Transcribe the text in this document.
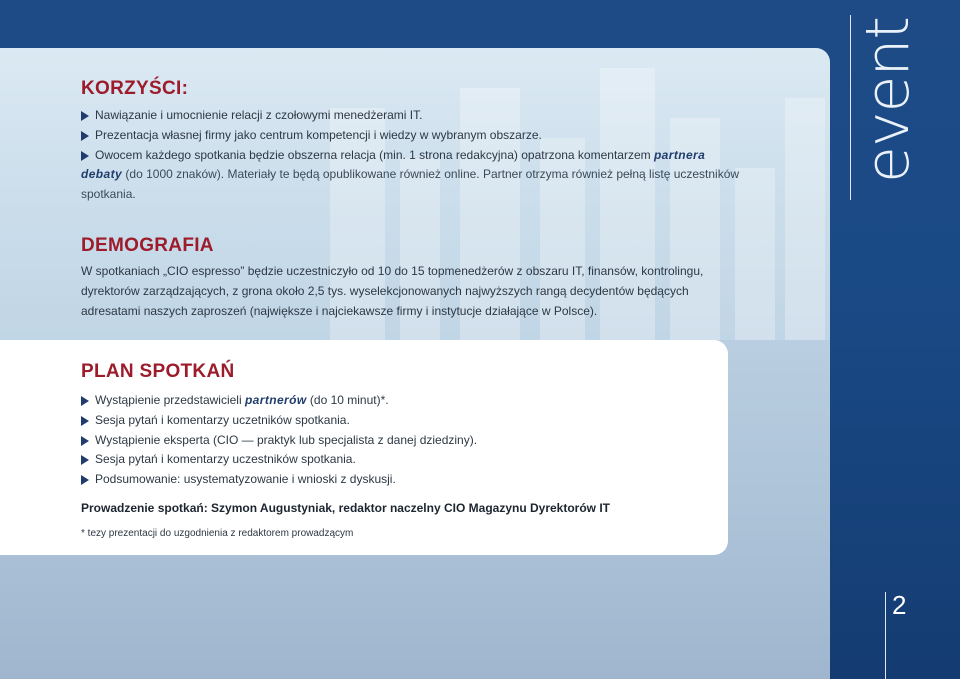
KORZYŚCI:
Nawiązanie i umocnienie relacji z czołowymi menedżerami IT.
Prezentacja własnej firmy jako centrum kompetencji i wiedzy w wybranym obszarze.
Owocem każdego spotkania będzie obszerna relacja (min. 1 strona redakcyjna) opatrzona komentarzem partnera debaty (do 1000 znaków). Materiały te będą opublikowane również online. Partner otrzyma również pełną listę uczestników spotkania.
DEMOGRAFIA

W spotkaniach „CIO espresso” będzie uczestniczyło od 10 do 15 topmenedżerów z obszaru IT, finansów, kontrolingu, dyrektorów zarządzających, z grona około 2,5 tys. wyselekcjonowanych najwyższych rangą decydentów będących adresatami naszych zaproszeń (największe i najciekawsze firmy i instytucje działające w Polsce).

PLAN SPOTKAŃ
Wystąpienie przedstawicieli partnerów (do 10 minut)*.
Sesja pytań i komentarzy uczetników spotkania.
Wystąpienie eksperta (CIO — praktyk lub specjalista z danej dziedziny).
Sesja pytań i komentarzy uczestników spotkania.
Podsumowanie: usystematyzowanie i wnioski z dyskusji.
Prowadzenie spotkań: Szymon Augustyniak, redaktor naczelny CIO Magazynu Dyrektorów IT
* tezy prezentacji do uzgodnienia z redaktorem prowadzącym
event
2
